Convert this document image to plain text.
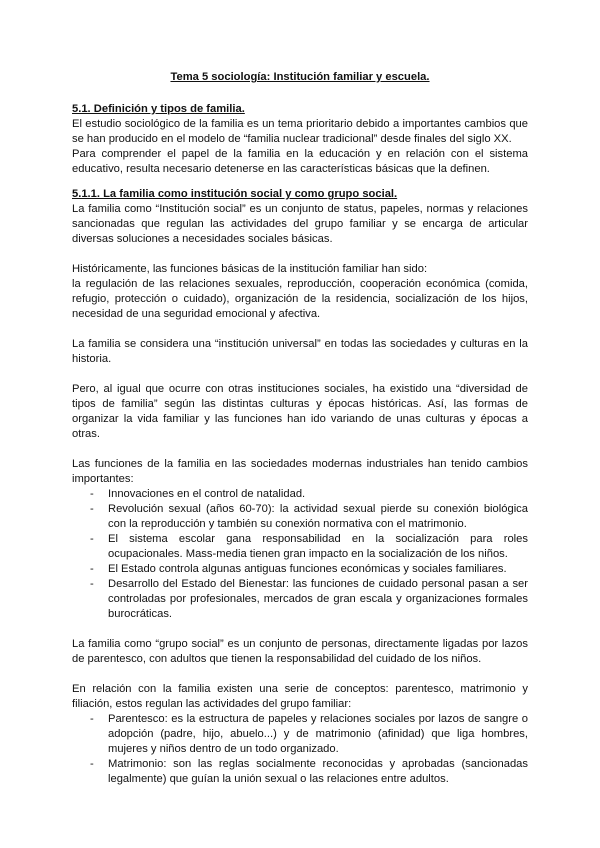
Tema 5 sociología: Institución familiar y escuela.

5.1. Definición y tipos de familia.

El estudio sociológico de la familia es un tema prioritario debido a importantes cambios que se han producido en el modelo de “familia nuclear tradicional” desde finales del siglo XX.

Para comprender el papel de la familia en la educación y en relación con el sistema educativo, resulta necesario detenerse en las características básicas que la definen.

5.1.1. La familia como institución social y como grupo social.

La familia como “Institución social” es un conjunto de status, papeles, normas y relaciones sancionadas que regulan las actividades del grupo familiar y se encarga de articular diversas soluciones a necesidades sociales básicas.

Históricamente, las funciones básicas de la institución familiar han sido:

la regulación de las relaciones sexuales, reproducción, cooperación económica (comida, refugio, protección o cuidado), organización de la residencia, socialización de los hijos, necesidad de una seguridad emocional y afectiva.

La familia se considera una “institución universal” en todas las sociedades y culturas en la historia.

Pero, al igual que ocurre con otras instituciones sociales, ha existido una “diversidad de tipos de familia” según las distintas culturas y épocas históricas. Así, las formas de organizar la vida familiar y las funciones han ido variando de unas culturas y épocas a otras.

Las funciones de la familia en las sociedades modernas industriales han tenido cambios importantes:

- Innovaciones en el control de natalidad.
- Revolución sexual (años 60-70): la actividad sexual pierde su conexión biológica con la reproducción y también su conexión normativa con el matrimonio.
- El sistema escolar gana responsabilidad en la socialización para roles ocupacionales. Mass-media tienen gran impacto en la socialización de los niños.
- El Estado controla algunas antiguas funciones económicas y sociales familiares.
- Desarrollo del Estado del Bienestar: las funciones de cuidado personal pasan a ser controladas por profesionales, mercados de gran escala y organizaciones formales burocráticas.

La familia como “grupo social” es un conjunto de personas, directamente ligadas por lazos de parentesco, con adultos que tienen la responsabilidad del cuidado de los niños.

En relación con la familia existen una serie de conceptos: parentesco, matrimonio y filiación, estos regulan las actividades del grupo familiar:

- Parentesco: es la estructura de papeles y relaciones sociales por lazos de sangre o adopción (padre, hijo, abuelo...) y de matrimonio (afinidad) que liga hombres, mujeres y niños dentro de un todo organizado.
- Matrimonio: son las reglas socialmente reconocidas y aprobadas (sancionadas legalmente) que guían la unión sexual o las relaciones entre adultos.
